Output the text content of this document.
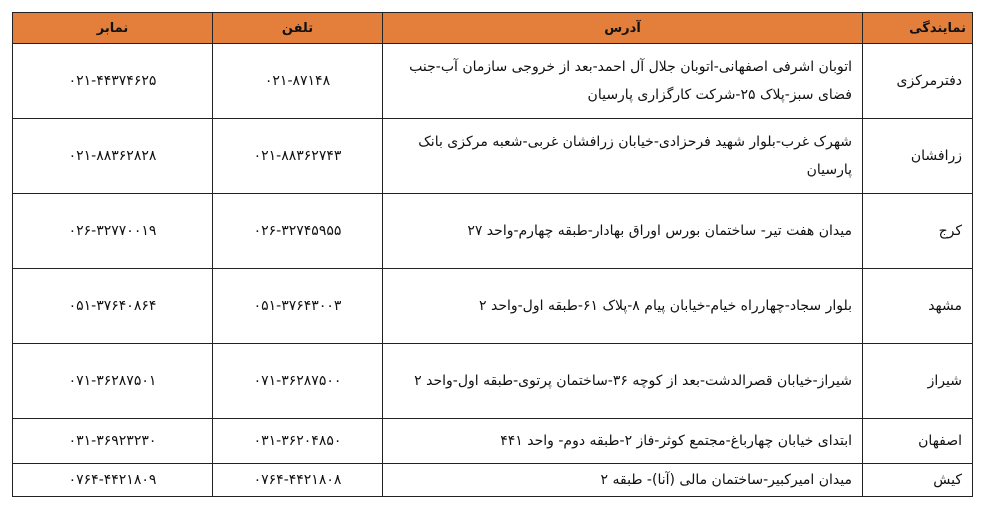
نمایندگی	آدرس	تلفن	نمابر
دفترمرکزی	اتوبان اشرفی اصفهانی-اتوبان جلال آل احمد-بعد از خروجی سازمان آب-جنب فضای سبز-پلاک ۲۵-شرکت کارگزاری پارسیان	۰۲۱-۸۷۱۴۸	۰۲۱-۴۴۳۷۴۶۲۵
زرافشان	شهرک غرب-بلوار شهید فرحزادی-خیابان زرافشان غربی-شعبه مرکزی بانک پارسیان	۰۲۱-۸۸۳۶۲۷۴۳	۰۲۱-۸۸۳۶۲۸۲۸
کرج	میدان هفت تیر- ساختمان بورس اوراق بهادار-طبقه چهارم-واحد ۲۷	۰۲۶-۳۲۷۴۵۹۵۵	۰۲۶-۳۲۷۷۰۰۱۹
مشهد	بلوار سجاد-چهارراه خیام-خیابان پیام ۸-پلاک ۶۱-طبقه اول-واحد ۲	۰۵۱-۳۷۶۴۳۰۰۳	۰۵۱-۳۷۶۴۰۸۶۴
شیراز	شیراز-خیابان قصرالدشت-بعد از کوچه ۳۶-ساختمان پرتوی-طبقه اول-واحد ۲	۰۷۱-۳۶۲۸۷۵۰۰	۰۷۱-۳۶۲۸۷۵۰۱
اصفهان	ابتدای خیابان چهارباغ-مجتمع کوثر-فاز ۲-طبقه دوم- واحد ۴۴۱	۰۳۱-۳۶۲۰۴۸۵۰	۰۳۱-۳۶۹۲۳۲۳۰
کیش	میدان امیرکبیر-ساختمان مالی (آنا)- طبقه ۲	۰۷۶۴-۴۴۲۱۸۰۸	۰۷۶۴-۴۴۲۱۸۰۹
